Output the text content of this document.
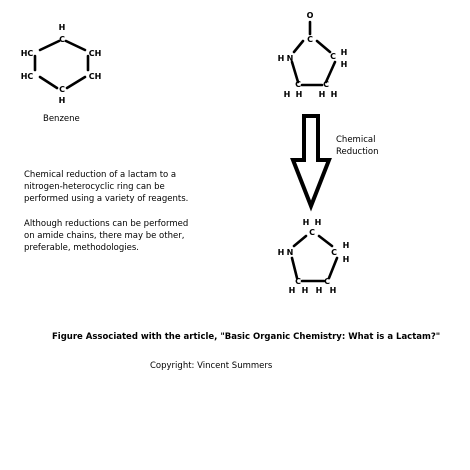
H
C
HC	CH
HC	CH
C
H
O
C
H N	C H
H
C	C
H H H H
H H
C
H N	C
H
H
C	C
H H H H
Benzene
Chemical
Reduction
Chemical reduction of a lactam to a
nitrogen-heterocyclic ring can be
performed using a variety of reagents.
Although reductions can be performed
on amide chains, there may be other,
preferable, methodologies.
Figure Associated with the article, "Basic Organic Chemistry: What is a Lactam?"
Copyright: Vincent Summers
